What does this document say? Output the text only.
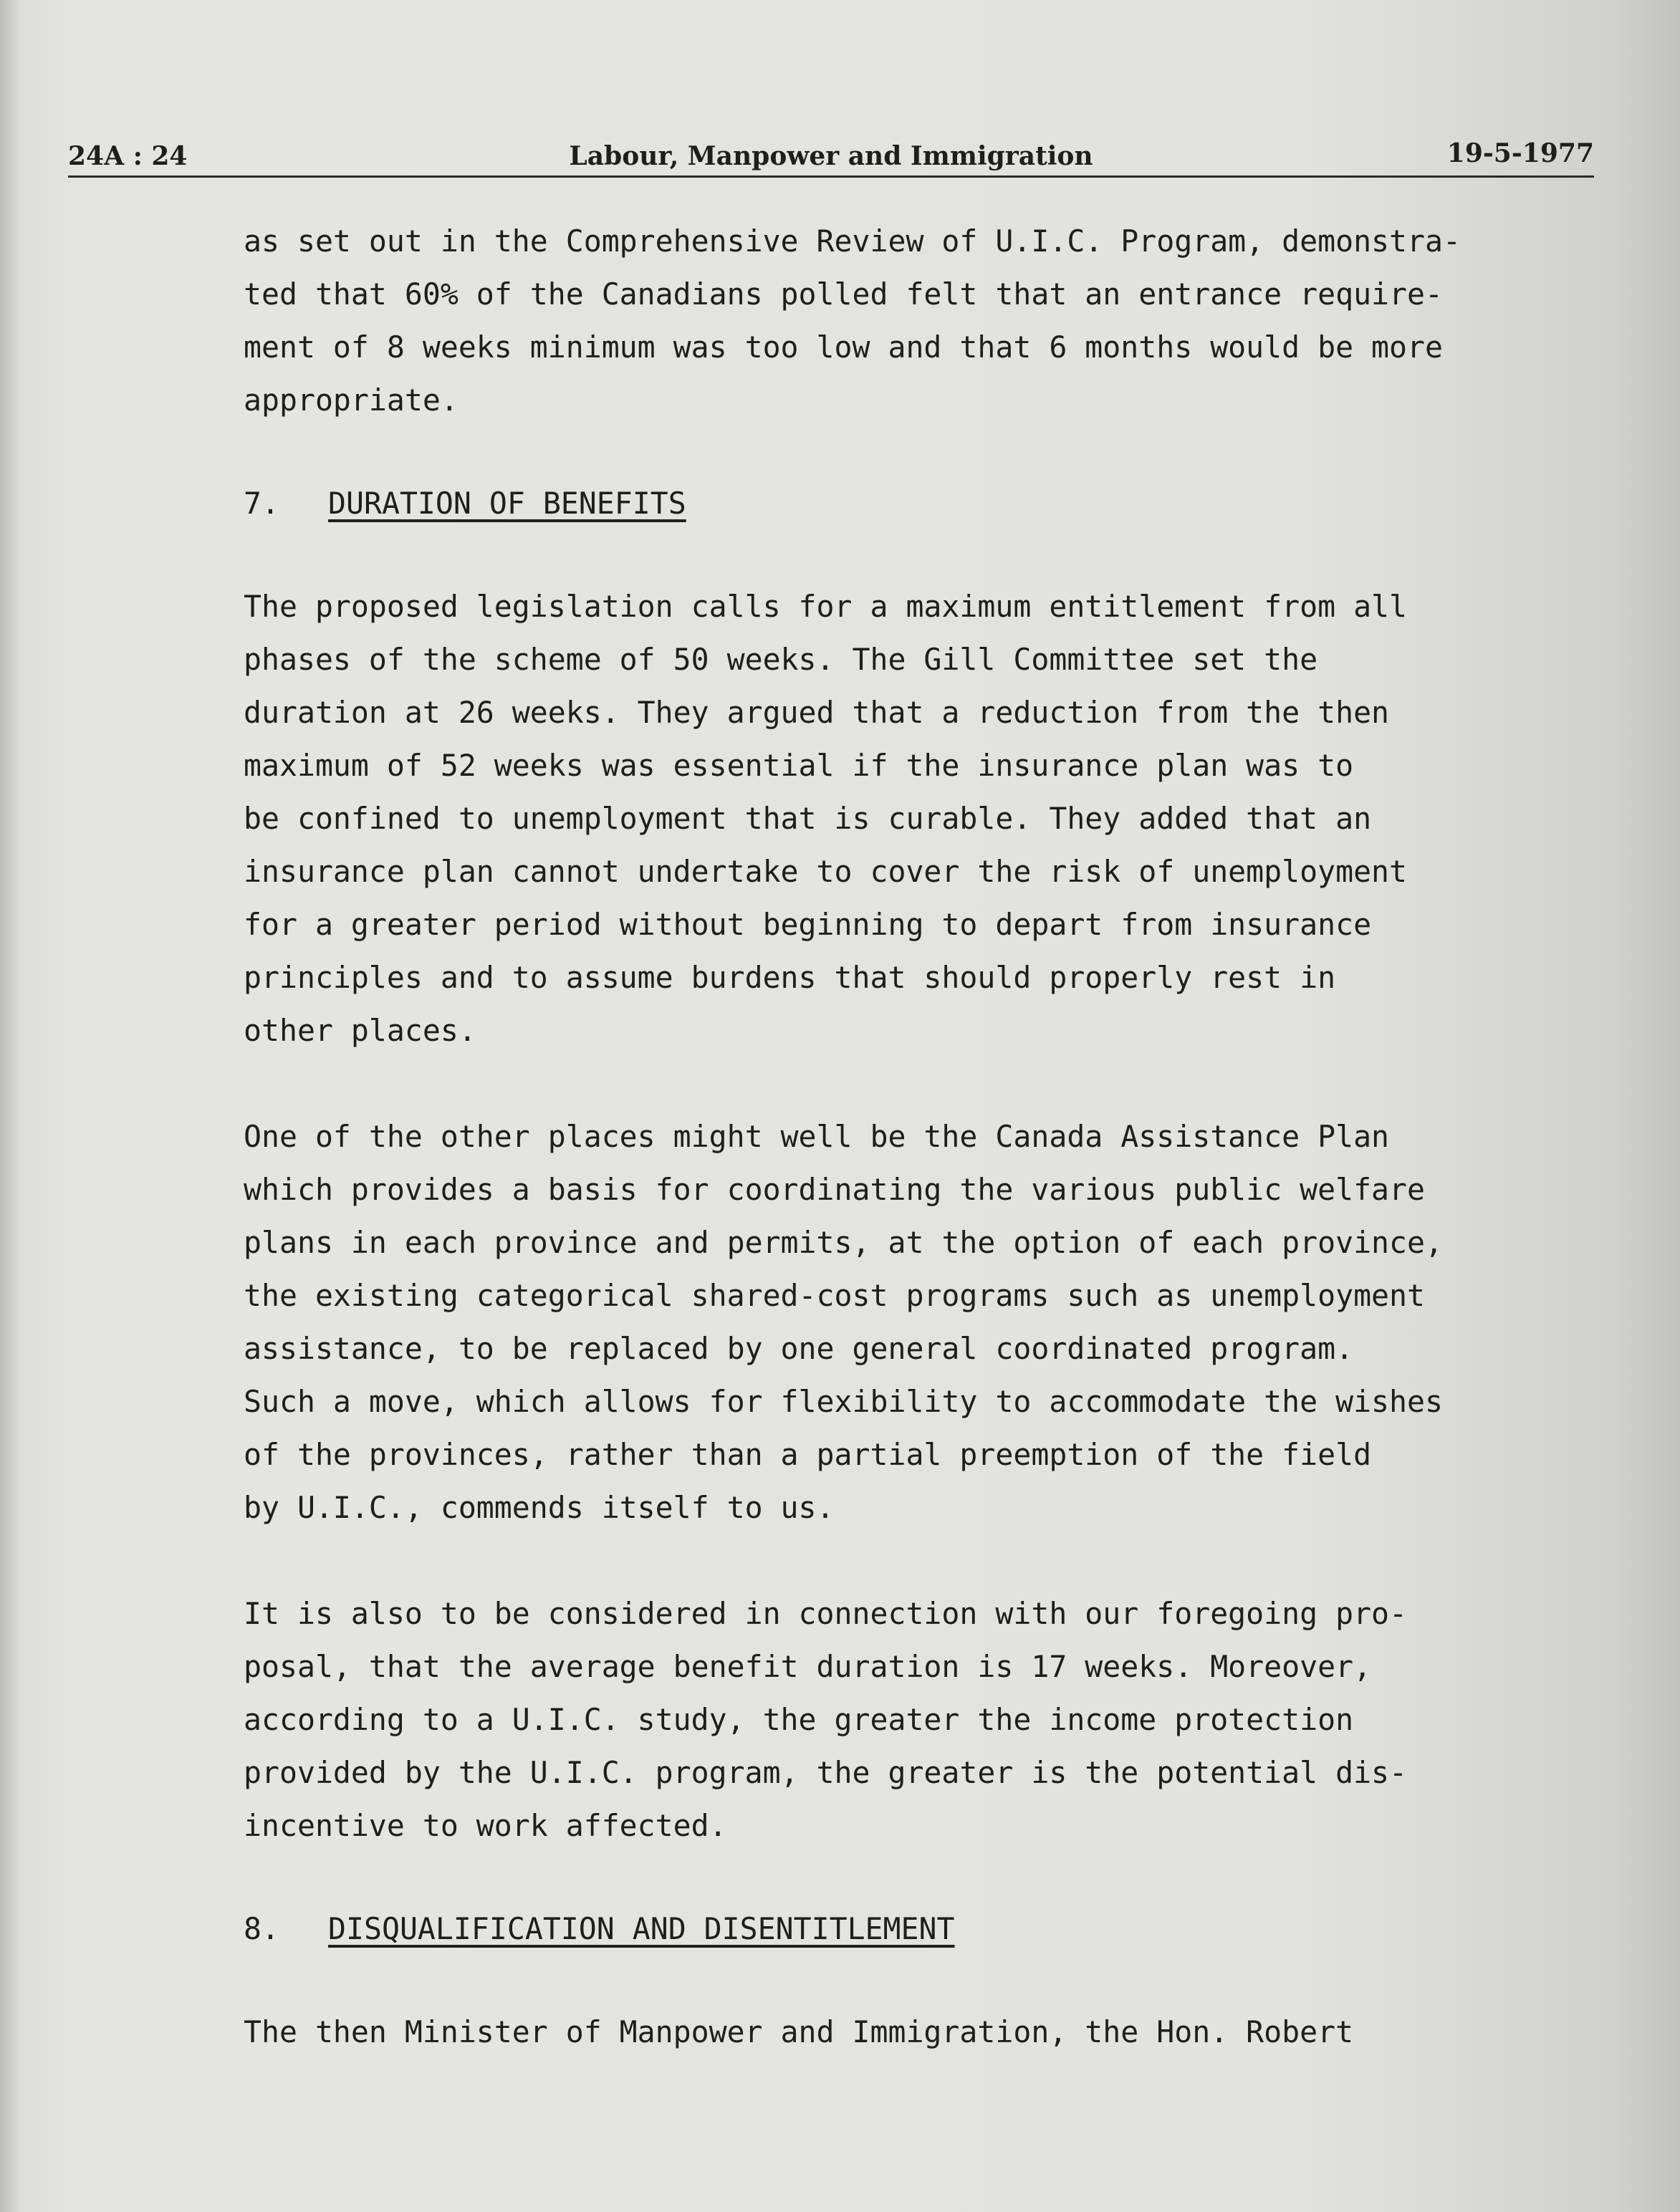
24A : 24	Labour, Manpower and Immigration	19-5-1977
as set out in the Comprehensive Review of U.I.C. Program, demonstra-
ted that 60% of the Canadians polled felt that an entrance require-
ment of 8 weeks minimum was too low and that 6 months would be more
appropriate.
7. DURATION OF BENEFITS
The proposed legislation calls for a maximum entitlement from all
phases of the scheme of 50 weeks. The Gill Committee set the
duration at 26 weeks. They argued that a reduction from the then
maximum of 52 weeks was essential if the insurance plan was to
be confined to unemployment that is curable. They added that an
insurance plan cannot undertake to cover the risk of unemployment
for a greater period without beginning to depart from insurance
principles and to assume burdens that should properly rest in
other places.
One of the other places might well be the Canada Assistance Plan
which provides a basis for coordinating the various public welfare
plans in each province and permits, at the option of each province,
the existing categorical shared-cost programs such as unemployment
assistance, to be replaced by one general coordinated program.
Such a move, which allows for flexibility to accommodate the wishes
of the provinces, rather than a partial preemption of the field
by U.I.C., commends itself to us.
It is also to be considered in connection with our foregoing pro-
posal, that the average benefit duration is 17 weeks. Moreover,
according to a U.I.C. study, the greater the income protection
provided by the U.I.C. program, the greater is the potential dis-
incentive to work affected.
8. DISQUALIFICATION AND DISENTITLEMENT
The then Minister of Manpower and Immigration, the Hon. Robert
